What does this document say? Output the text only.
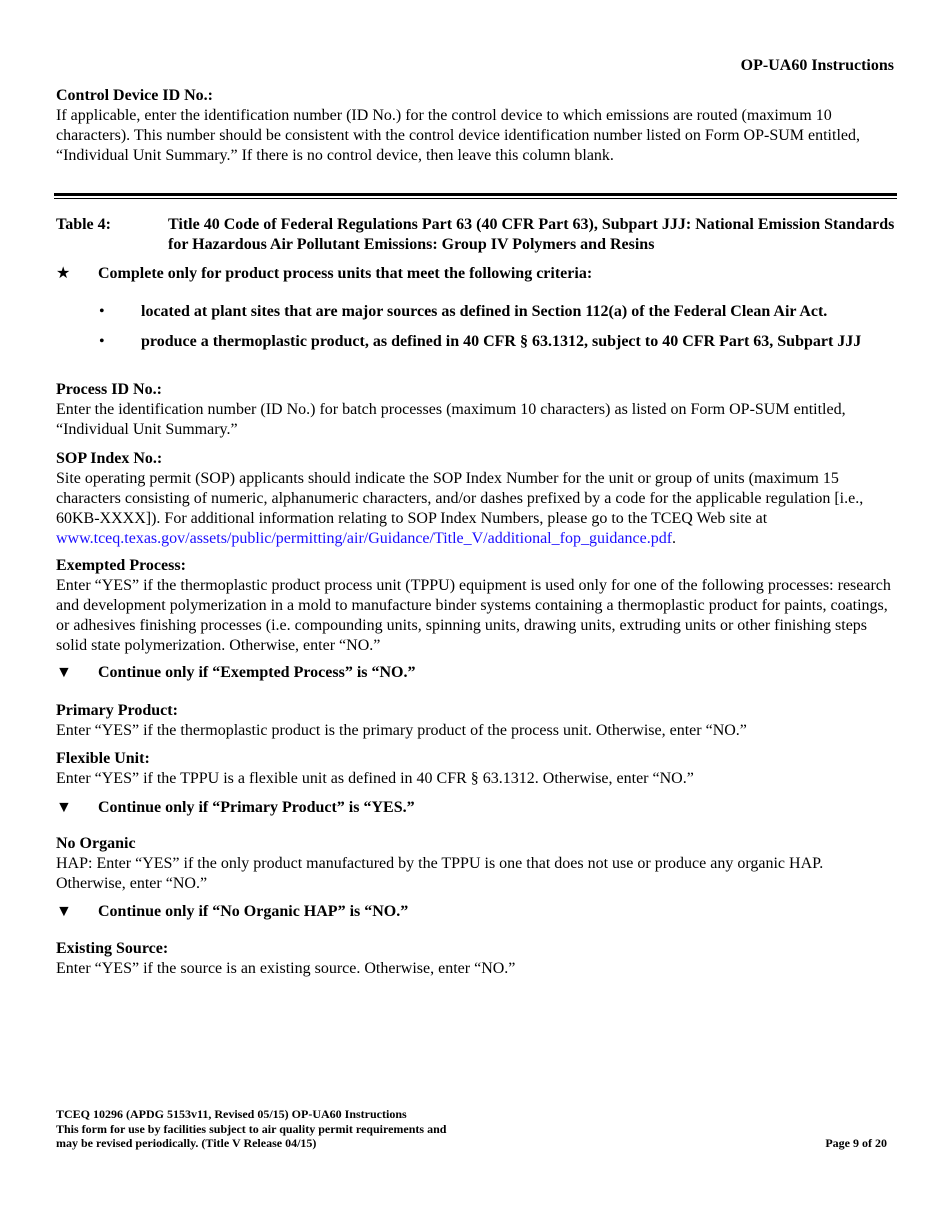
OP-UA60 Instructions
Control Device ID No.:
If applicable, enter the identification number (ID No.) for the control device to which emissions are routed (maximum 10 characters). This number should be consistent with the control device identification number listed on Form OP-SUM entitled, “Individual Unit Summary.” If there is no control device, then leave this column blank.
Table 4:	Title 40 Code of Federal Regulations Part 63 (40 CFR Part 63), Subpart JJJ: National Emission Standards for Hazardous Air Pollutant Emissions: Group IV Polymers and Resins
★ Complete only for product process units that meet the following criteria:
• located at plant sites that are major sources as defined in Section 112(a) of the Federal Clean Air Act.
• produce a thermoplastic product, as defined in 40 CFR § 63.1312, subject to 40 CFR Part 63, Subpart JJJ
Process ID No.:
Enter the identification number (ID No.) for batch processes (maximum 10 characters) as listed on Form OP-SUM entitled, “Individual Unit Summary.”
SOP Index No.:
Site operating permit (SOP) applicants should indicate the SOP Index Number for the unit or group of units (maximum 15 characters consisting of numeric, alphanumeric characters, and/or dashes prefixed by a code for the applicable regulation [i.e., 60KB-XXXX]). For additional information relating to SOP Index Numbers, please go to the TCEQ Web site at www.tceq.texas.gov/assets/public/permitting/air/Guidance/Title_V/additional_fop_guidance.pdf.
Exempted Process:
Enter “YES” if the thermoplastic product process unit (TPPU) equipment is used only for one of the following processes: research and development polymerization in a mold to manufacture binder systems containing a thermoplastic product for paints, coatings, or adhesives finishing processes (i.e. compounding units, spinning units, drawing units, extruding units or other finishing steps solid state polymerization. Otherwise, enter “NO.”
▼ Continue only if “Exempted Process” is “NO.”
Primary Product:
Enter “YES” if the thermoplastic product is the primary product of the process unit. Otherwise, enter “NO.”
Flexible Unit:
Enter “YES” if the TPPU is a flexible unit as defined in 40 CFR § 63.1312. Otherwise, enter “NO.”
▼ Continue only if “Primary Product” is “YES.”
No Organic
HAP: Enter “YES” if the only product manufactured by the TPPU is one that does not use or produce any organic HAP. Otherwise, enter “NO.”
▼ Continue only if “No Organic HAP” is “NO.”
Existing Source:
Enter “YES” if the source is an existing source. Otherwise, enter “NO.”
TCEQ 10296 (APDG 5153v11, Revised 05/15) OP-UA60 Instructions
This form for use by facilities subject to air quality permit requirements and
may be revised periodically. (Title V Release 04/15)	Page 9 of 20
